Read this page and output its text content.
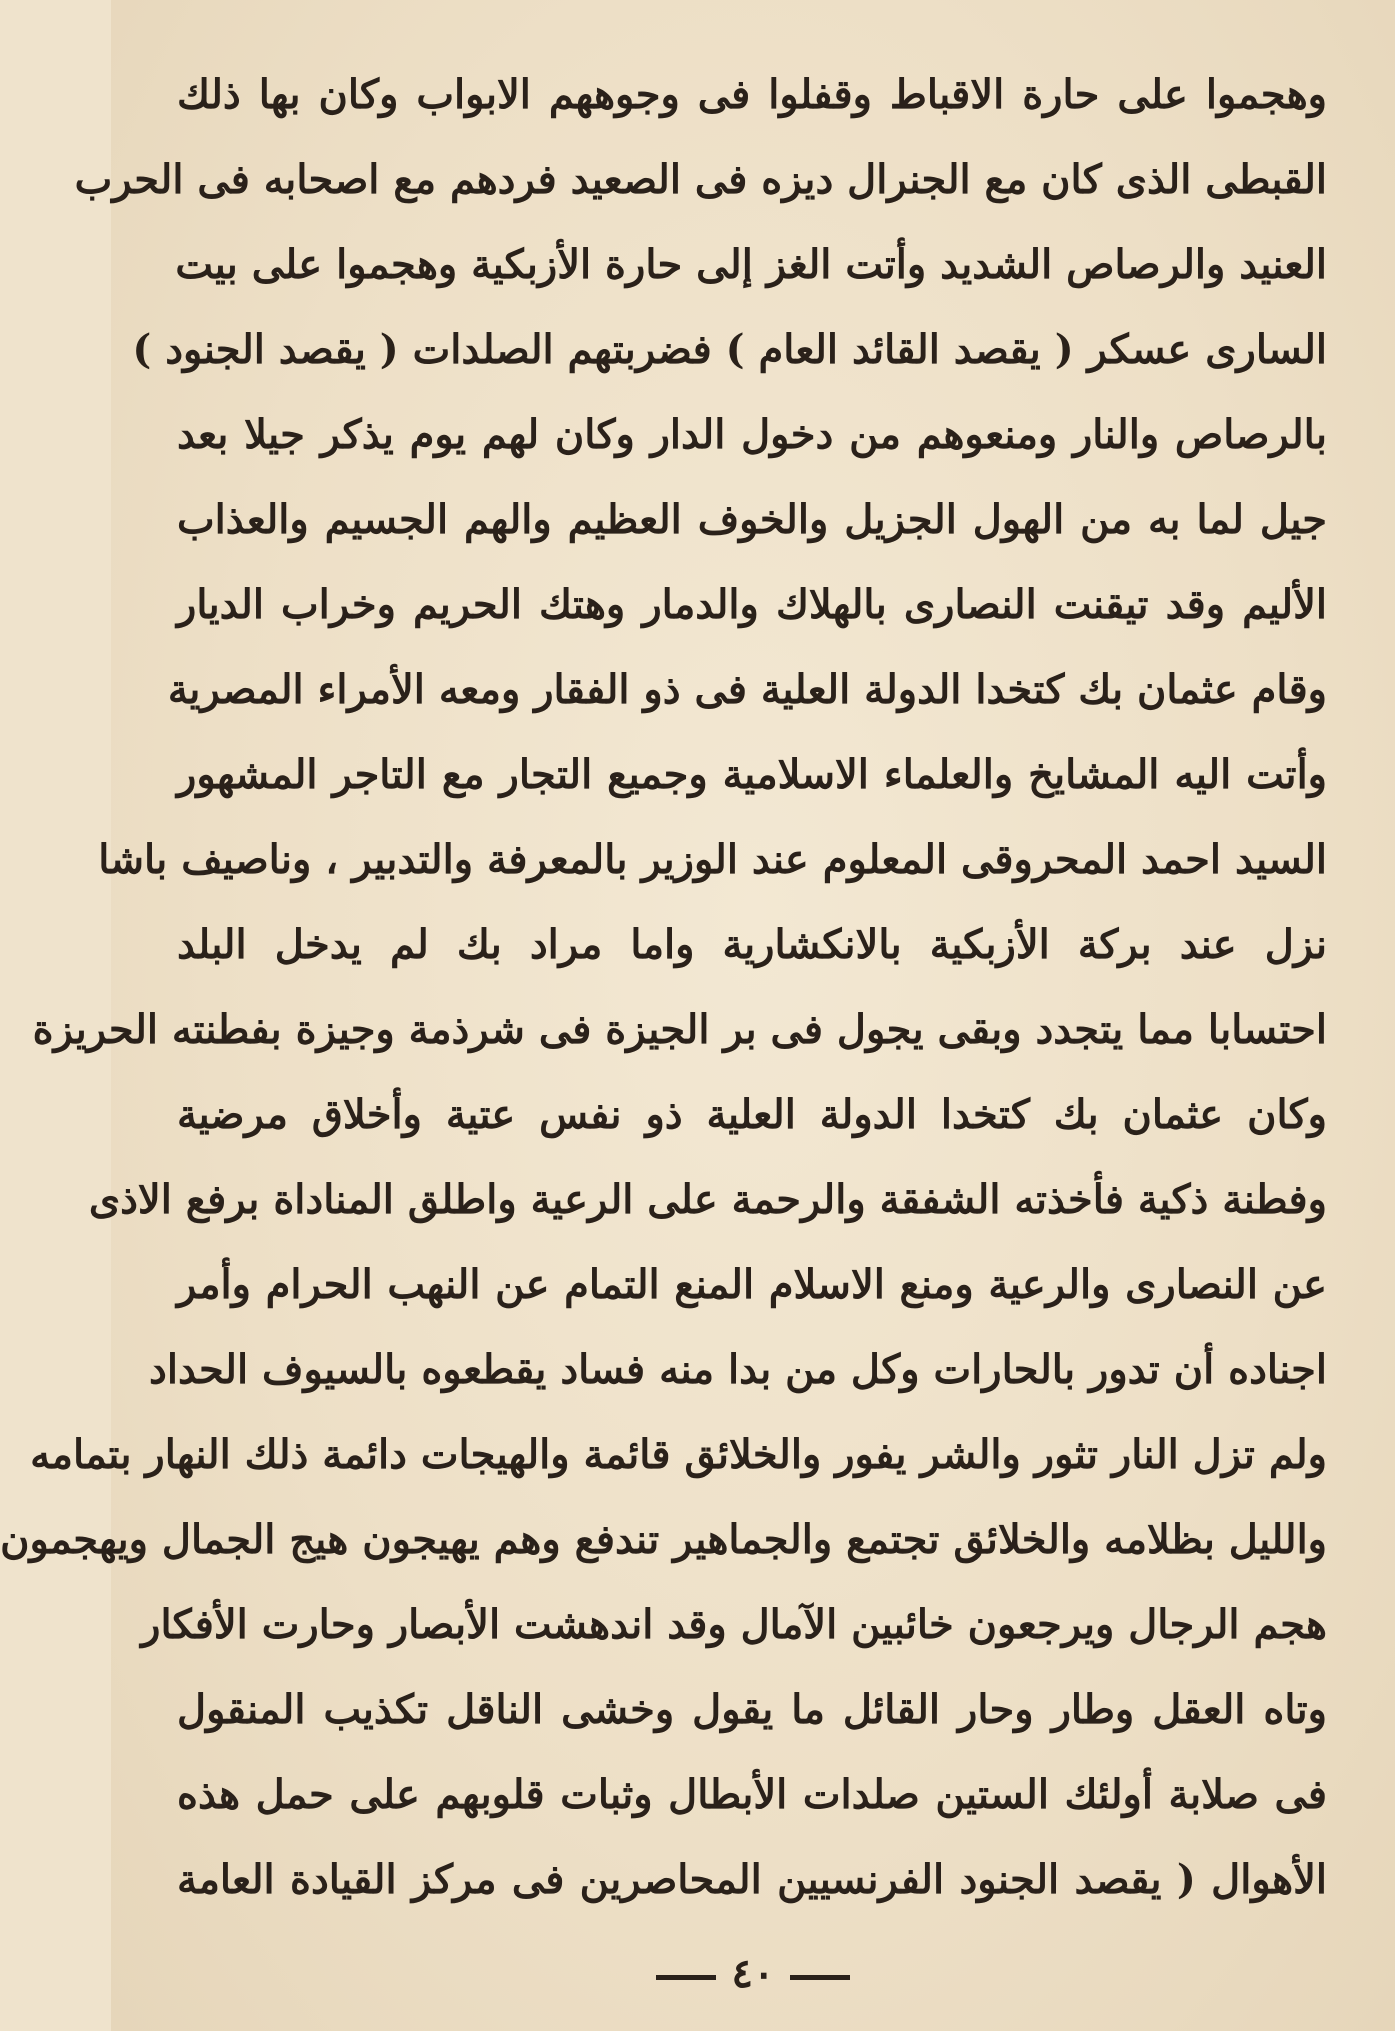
وهجموا على حارة الاقباط وقفلوا فى وجوههم الابواب وكان بها ذلك
القبطى الذى كان مع الجنرال ديزه فى الصعيد فردهم مع اصحابه فى الحرب
العنيد والرصاص الشديد وأتت الغز إلى حارة الأزبكية وهجموا على بيت
السارى عسكر ( يقصد القائد العام ) فضربتهم الصلدات ( يقصد الجنود )
بالرصاص والنار ومنعوهم من دخول الدار وكان لهم يوم يذكر جيلا بعد
جيل لما به من الهول الجزيل والخوف العظيم والهم الجسيم والعذاب
الأليم وقد تيقنت النصارى بالهلاك والدمار وهتك الحريم وخراب الديار
وقام عثمان بك كتخدا الدولة العلية فى ذو الفقار ومعه الأمراء المصرية
وأتت اليه المشايخ والعلماء الاسلامية وجميع التجار مع التاجر المشهور
السيد احمد المحروقى المعلوم عند الوزير بالمعرفة والتدبير ، وناصيف باشا
نزل عند بركة الأزبكية بالانكشارية واما مراد بك لم يدخل البلد
احتسابا مما يتجدد وبقى يجول فى بر الجيزة فى شرذمة وجيزة بفطنته الحريزة
وكان عثمان بك كتخدا الدولة العلية ذو نفس عتية وأخلاق مرضية
وفطنة ذكية فأخذته الشفقة والرحمة على الرعية واطلق المناداة برفع الاذى
عن النصارى والرعية ومنع الاسلام المنع التمام عن النهب الحرام وأمر
اجناده أن تدور بالحارات وكل من بدا منه فساد يقطعوه بالسيوف الحداد
ولم تزل النار تثور والشر يفور والخلائق قائمة والهيجات دائمة ذلك النهار بتمامه
والليل بظلامه والخلائق تجتمع والجماهير تندفع وهم يهيجون هيج الجمال ويهجمون
هجم الرجال ويرجعون خائبين الآمال وقد اندهشت الأبصار وحارت الأفكار
وتاه العقل وطار وحار القائل ما يقول وخشى الناقل تكذيب المنقول
فى صلابة أولئك الستين صلدات الأبطال وثبات قلوبهم على حمل هذه
الأهوال ( يقصد الجنود الفرنسيين المحاصرين فى مركز القيادة العامة
٤٠
